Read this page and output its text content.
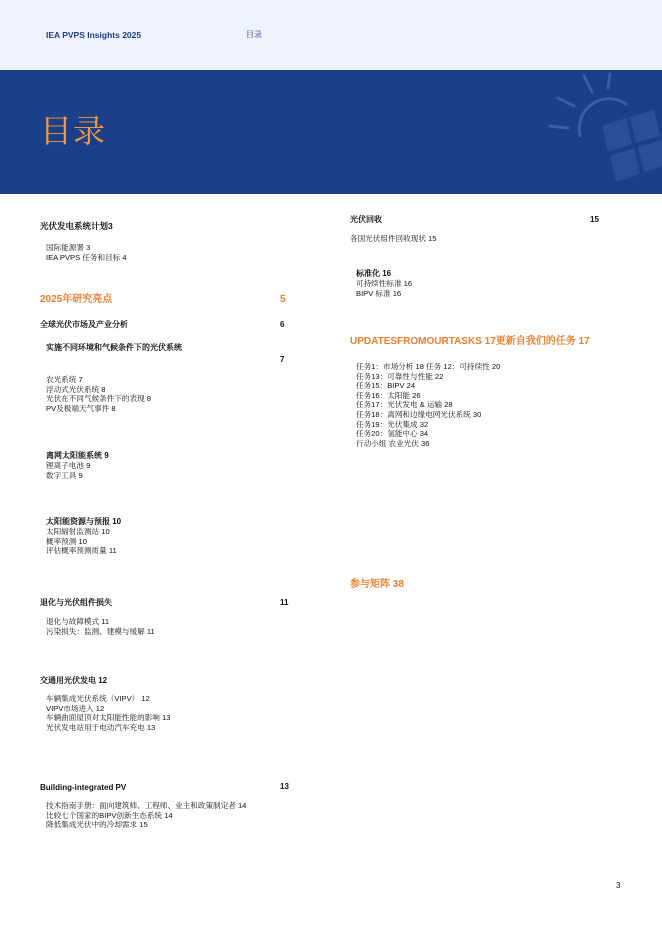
IEA PVPS Insights 2025	目录
目录
光伏发电系统计划3
国际能源署 3
IEA PVPS 任务和目标 4
2025年研究亮点	5
全球光伏市场及产业分析	6
实施不同环境和气候条件下的光伏系统
7
农光系统 7
浮动式光伏系统 8
光伏在不同气候条件下的表现 8
PV及极端天气事件 8
离网太阳能系统 9
锂离子电池 9
数字工具 9
太阳能资源与预报 10
太阳辐射监测站 10
概率预测 10
评估概率预测质量 11
退化与光伏组件损失	11
退化与故障模式 11
污染损失：监测、建模与缓解 11
交通用光伏发电 12
车辆集成光伏系统（VIPV） 12
VIPV市场进入 12
车辆曲面屋顶对太阳能性能的影响 13
光伏发电站用于电动汽车充电 13
Building-integrated PV	13
技术指南手册：面向建筑师、工程师、业主和政策制定者 14
比较七个国家的BIPV创新生态系统 14
降低集成光伏中的冷却需求 15
光伏回收	15
各国光伏组件回收现状 15
标准化 16
可持续性标准 16
BIPV 标准 16
UPDATESFROMOURTASKS 17更新自我们的任务 17
任务1：市场分析 18 任务 12：可持续性 20
任务13：可靠性与性能 22
任务15：BIPV 24
任务16：太阳能 26
任务17：光伏发电 & 运输 28
任务18：离网和边缘电网光伏系统 30
任务19：光伏集成 32
任务20：氢能中心 34
行动小组 农业光伏 36
参与矩阵 38
3
